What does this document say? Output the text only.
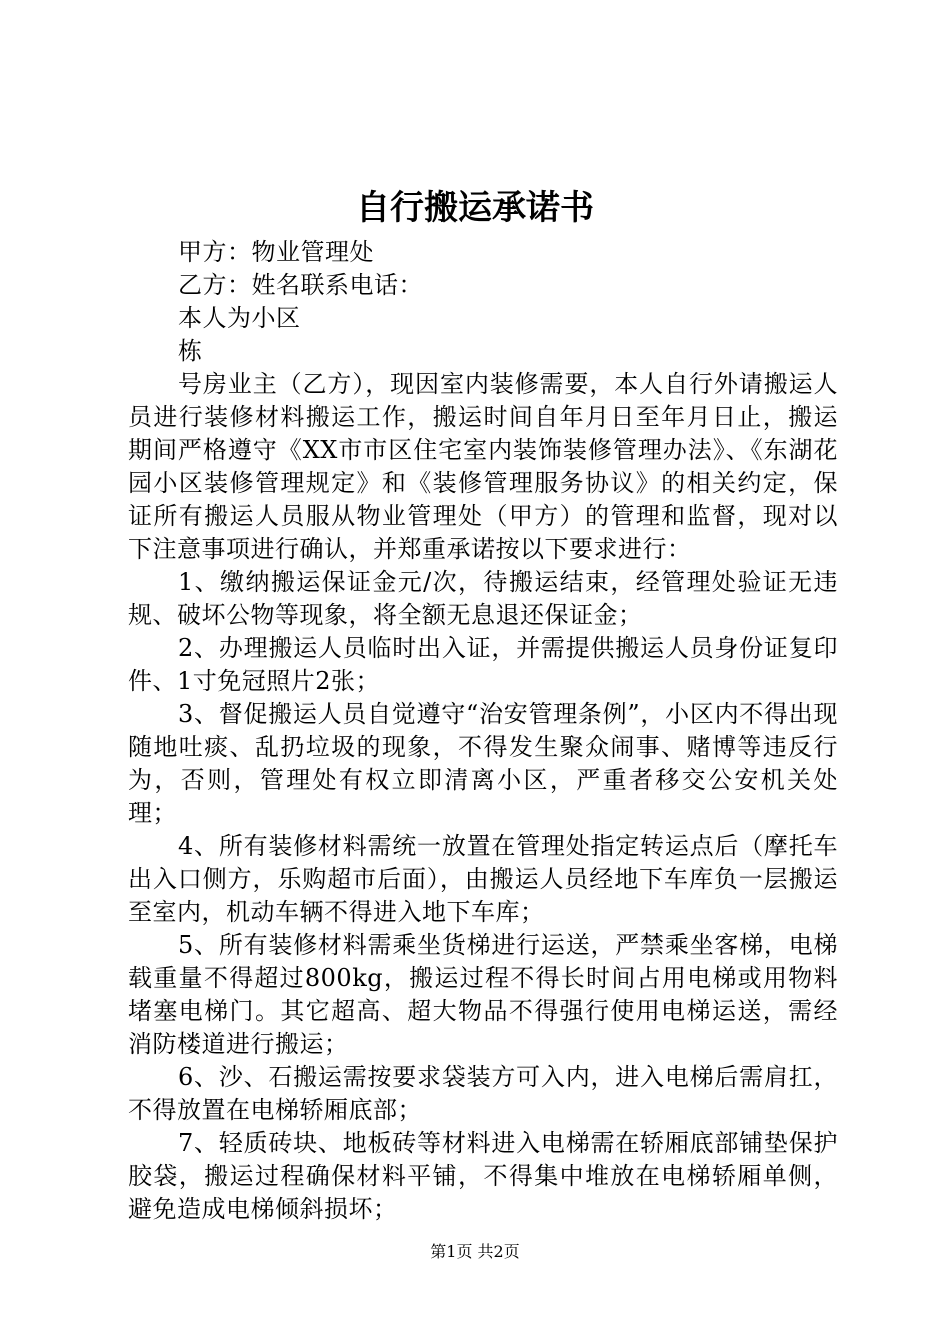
自行搬运承诺书

甲方：物业管理处

乙方：姓名联系电话：

本人为小区

栋

号房业主（乙方），现因室内装修需要，本人自行外请搬运人员进行装修材料搬运工作，搬运时间自年月日至年月日止，搬运期间严格遵守《XX市市区住宅室内装饰装修管理办法》、《东湖花园小区装修管理规定》和《装修管理服务协议》的相关约定，保证所有搬运人员服从物业管理处（甲方）的管理和监督，现对以下注意事项进行确认，并郑重承诺按以下要求进行：

1、缴纳搬运保证金元/次，待搬运结束，经管理处验证无违规、破坏公物等现象，将全额无息退还保证金；

2、办理搬运人员临时出入证，并需提供搬运人员身份证复印件、1寸免冠照片2张；

3、督促搬运人员自觉遵守“治安管理条例”，小区内不得出现随地吐痰、乱扔垃圾的现象，不得发生聚众闹事、赌博等违反行为，否则，管理处有权立即清离小区，严重者移交公安机关处理；

4、所有装修材料需统一放置在管理处指定转运点后（摩托车出入口侧方，乐购超市后面），由搬运人员经地下车库负一层搬运至室内，机动车辆不得进入地下车库；

5、所有装修材料需乘坐货梯进行运送，严禁乘坐客梯，电梯载重量不得超过800kg，搬运过程不得长时间占用电梯或用物料堵塞电梯门。其它超高、超大物品不得强行使用电梯运送，需经消防楼道进行搬运；

6、沙、石搬运需按要求袋装方可入内，进入电梯后需肩扛，不得放置在电梯轿厢底部；

7、轻质砖块、地板砖等材料进入电梯需在轿厢底部铺垫保护胶袋，搬运过程确保材料平铺，不得集中堆放在电梯轿厢单侧，避免造成电梯倾斜损坏；

第1页 共2页
